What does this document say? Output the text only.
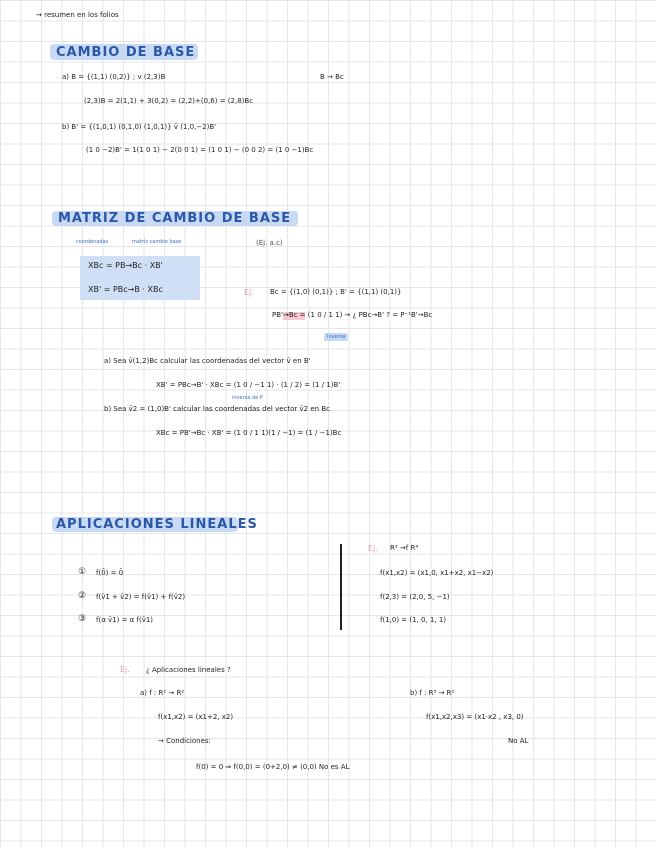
→ resumen en los folios
CAMBIO DE BASE
a) B = {(1,1) (0,2)} ; v (2,3)B	B → Bc
(2,3)B = 2(1,1) + 3(0,2) = (2,2)+(0,6) = (2,8)Bc
b) B' = {(1,0,1) (0,1,0) (1,0,1)} v̄ (1,0,−2)B'
(1 0 −2)B' = 1(1 0 1) − 2(0 0 1) = (1 0 1) − (0 0 2) = (1 0 −1)Bc
MATRIZ DE CAMBIO DE BASE
coordenadas	matriz cambio base	(Ej. a.c)
XBc = PB→Bc · XB'
XB' = PBc→B · XBc	Ej. Bc = {(1,0) (0,1)} ; B' = {(1,1) (0,1)}
PB'→Bc = (1 0 / 1 1) → ¿ PBc→B' ? = P⁻¹B'→Bc
Inversa
a) Sea v̄(1,2)Bc calcular las coordenadas del vector v̄ en B'
XB' = PBc→B' · XBc = (1 0 / −1 1) · (1 / 2) = (1 / 1)B'
inversa de P
b) Sea v̄2 = (1,0)B' calcular las coordenadas del vector v̄2 en Bc
XBc = PB'→Bc · XB' = (1 0 / 1 1)(1 / −1) = (1 / −1)Bc
APLICACIONES LINEALES
① f(0̄) = 0̄
② f(v̄1 + v̄2) = f(v̄1) + f(v̄2)
③ f(α v̄1) = α f(v̄1)
Ej. R² →f R⁴
f(x1,x2) = (x1,0, x1+x2, x1−x2)
f(2,3) = (2,0, 5, −1)
f(1,0) = (1, 0, 1, 1)
Ej. ¿ Aplicaciones lineales ?
a) f : R² → R²
f(x1,x2) = (x1+2, x2)
→ Condiciones:
f(0) = 0 ⇒ f(0,0) = (0+2,0) ≠ (0,0) No es AL
b) f : R³ → R²
f(x1,x2,x3) = (x1·x2 , x3, 0)
No AL
